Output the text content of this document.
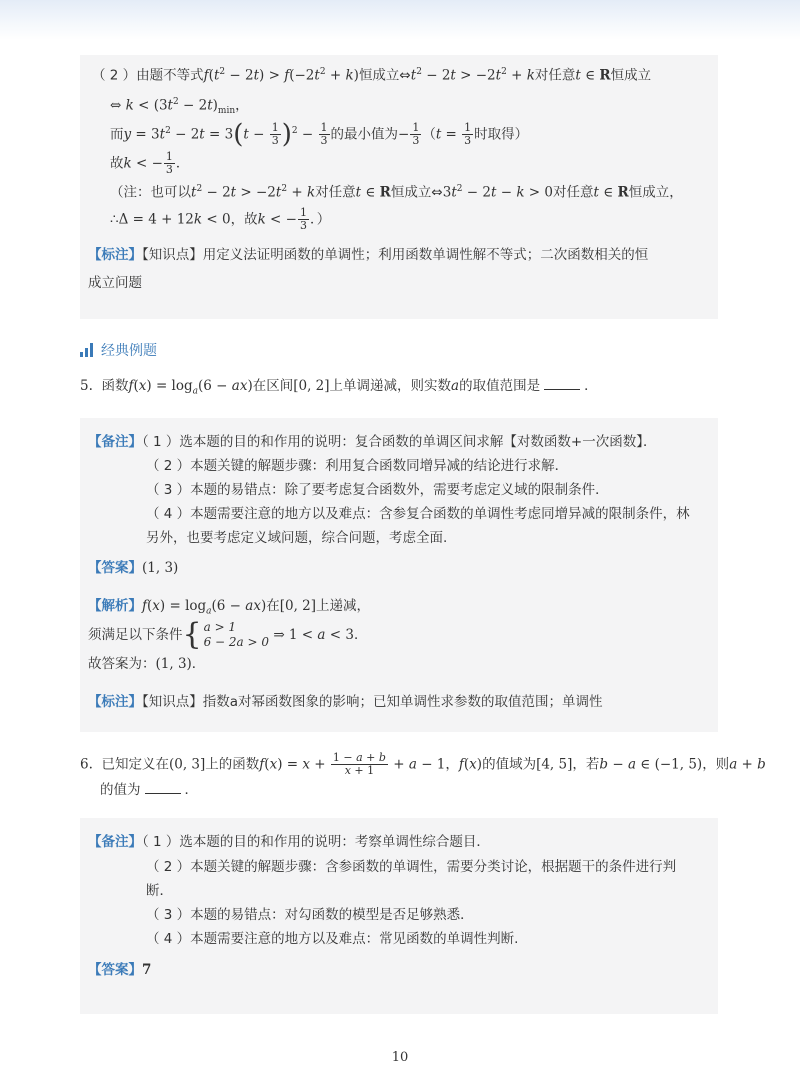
（ 2 ）由题不等式$f(t^2 - 2t) > f(-2t^2 + k)$恒成立$\Leftrightarrow t^2 - 2t > -2t^2 + k$对任意t ∈ R恒成立
⇔ $k < (3t^2 - 2t)_{min}$，
而$y = 3t^2 - 2t = 3(t - \frac{1}{3} )^2 - \frac{1}{3}$ 的最小值为− $\frac{1}{3} (t = \frac{1}{3}$ 时取得）
故k < − $\frac{1}{3}$ ．
（注：也可以$t^2 - 2t > -2t^2 + k$对任意t ∈ R恒成立$\Leftrightarrow 3t^2 - 2t - k > 0$对任意t ∈ R恒成立，
∴Δ = 4 + 12k < 0，故k < − $\frac{1}{3}$ ．）
【标注】【知识点】用定义法证明函数的单调性；利用函数单调性解不等式；二次函数相关的恒
成立问题
经典例题
5. 函数$f(x) = \log_a(6 - ax)$在区间[0, 2]上单调递减，则实数a的取值范围是	．
【备注】（ 1 ）选本题的目的和作用的说明：复合函数的单调区间求解【对数函数+一次函数】．
（ 2 ）本题关键的解题步骤：利用复合函数同增异减的结论进行求解．
（ 3 ）本题的易错点：除了要考虑复合函数外，需要考虑定义域的限制条件．
（ 4 ）本题需要注意的地方以及难点：含参复合函数的单调性考虑同增异减的限制条件，林
另外，也要考虑定义域问题，综合问题，考虑全面.
【答案】(1, 3)
【解析】$f(x) = \log_a(6 - ax)$在[0, 2]上递减，
须满足以下条件{ a > 1
6 − 2a > 0 ⇒ 1 < a < 3．
故答案为：(1, 3)．
【标注】【知识点】指数a对幂函数图象的影响；已知单调性求参数的取值范围；单调性
6. 已知定义在(0, 3]上的函数$f(x) = x + \frac{1 - a + b}{x + 1} + a - 1$，f(x)的值域为[4, 5]，若b − a ∈ (−1, 5)，则a + b
的值为	．
【备注】（ 1 ）选本题的目的和作用的说明：考察单调性综合题目．
（ 2 ）本题关键的解题步骤：含参函数的单调性，需要分类讨论，根据题干的条件进行判
断．
（ 3 ）本题的易错点：对勾函数的模型是否足够熟悉．
（ 4 ）本题需要注意的地方以及难点：常见函数的单调性判断.
【答案】7
10
